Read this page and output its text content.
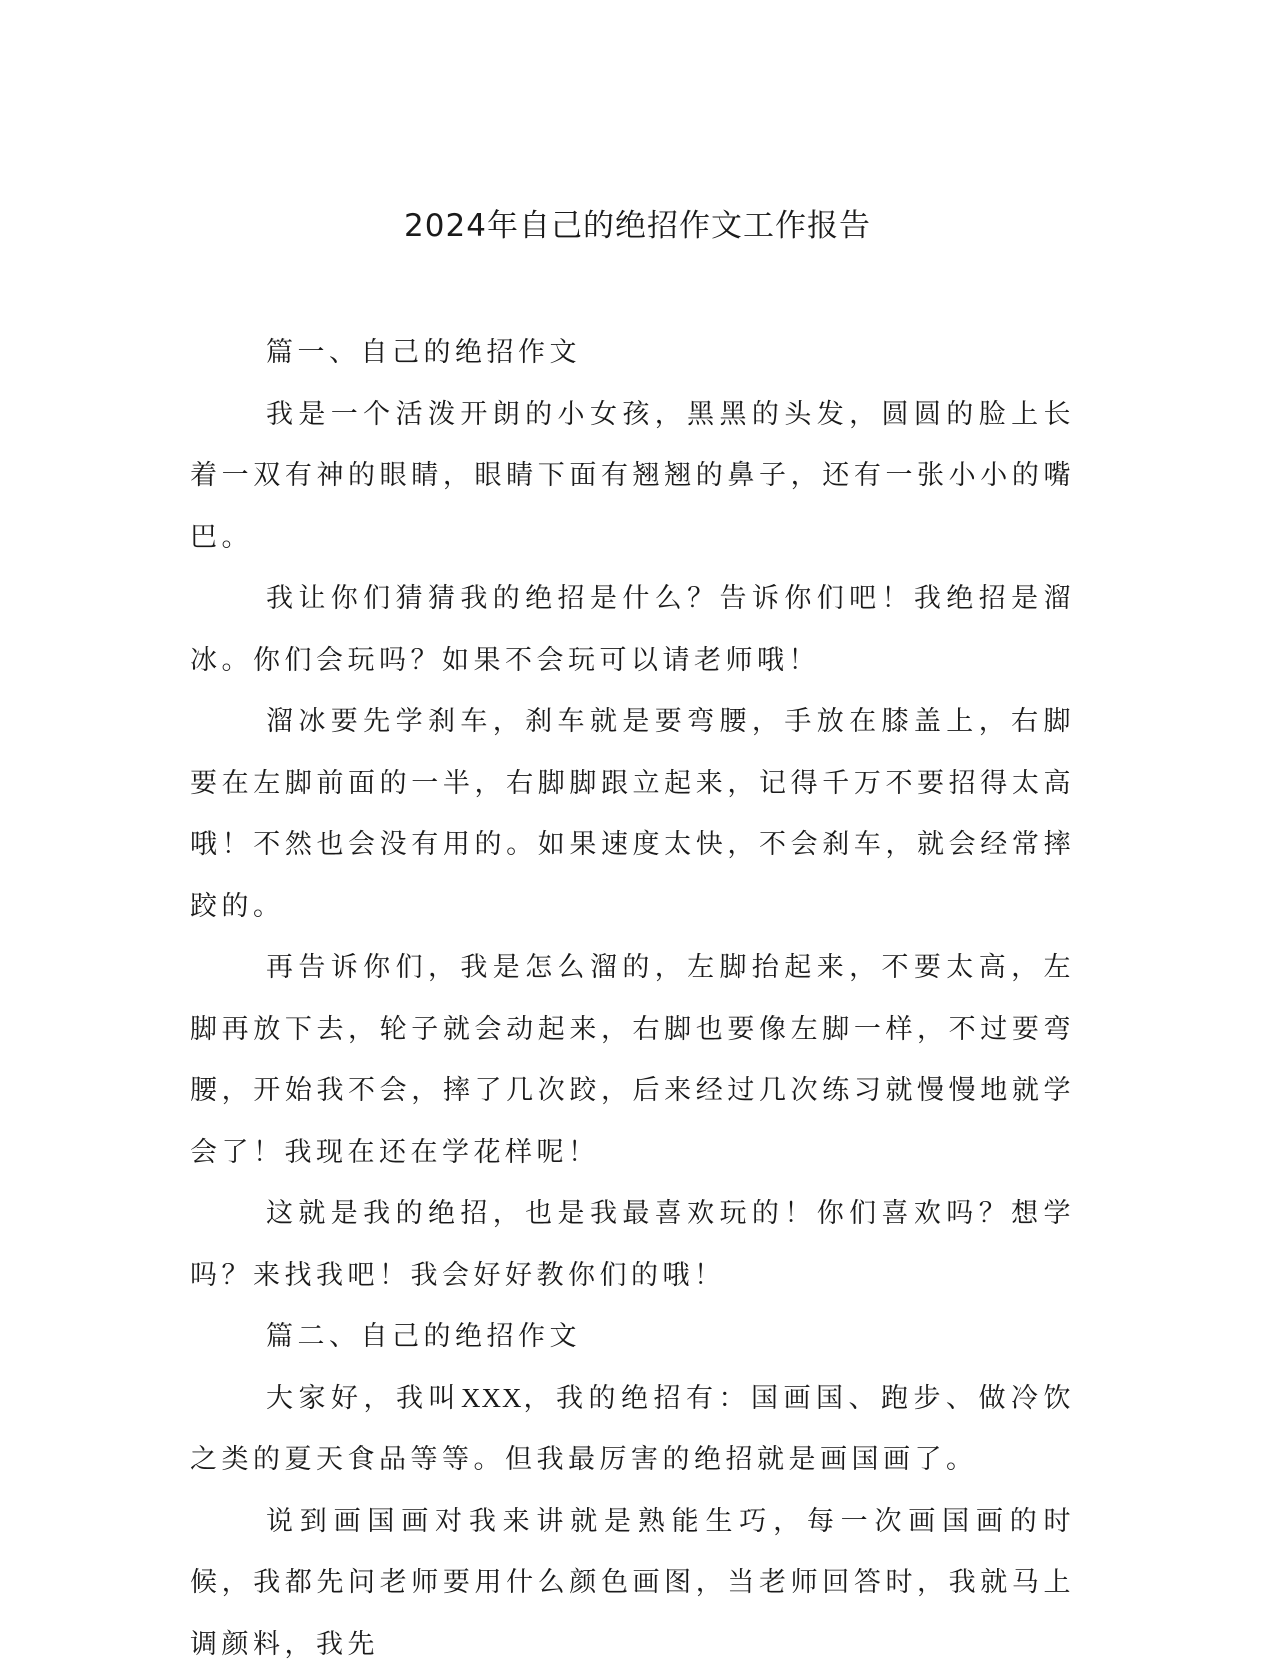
2024年自己的绝招作文工作报告

篇一、自己的绝招作文

我是一个活泼开朗的小女孩，黑黑的头发，圆圆的脸上长着一双有神的眼睛，眼睛下面有翘翘的鼻子，还有一张小小的嘴巴。

我让你们猜猜我的绝招是什么？告诉你们吧！我绝招是溜冰。你们会玩吗？如果不会玩可以请老师哦！

溜冰要先学刹车，刹车就是要弯腰，手放在膝盖上，右脚要在左脚前面的一半，右脚脚跟立起来，记得千万不要招得太高哦！不然也会没有用的。如果速度太快，不会刹车，就会经常摔跤的。

再告诉你们，我是怎么溜的，左脚抬起来，不要太高，左脚再放下去，轮子就会动起来，右脚也要像左脚一样，不过要弯腰，开始我不会，摔了几次跤，后来经过几次练习就慢慢地就学会了！我现在还在学花样呢！

这就是我的绝招，也是我最喜欢玩的！你们喜欢吗？想学吗？来找我吧！我会好好教你们的哦！

篇二、自己的绝招作文

大家好，我叫XXX，我的绝招有：国画国、跑步、做冷饮之类的夏天食品等等。但我最厉害的绝招就是画国画了。

说到画国画对我来讲就是熟能生巧，每一次画国画的时候，我都先问老师要用什么颜色画图，当老师回答时，我就马上调颜料，我先
